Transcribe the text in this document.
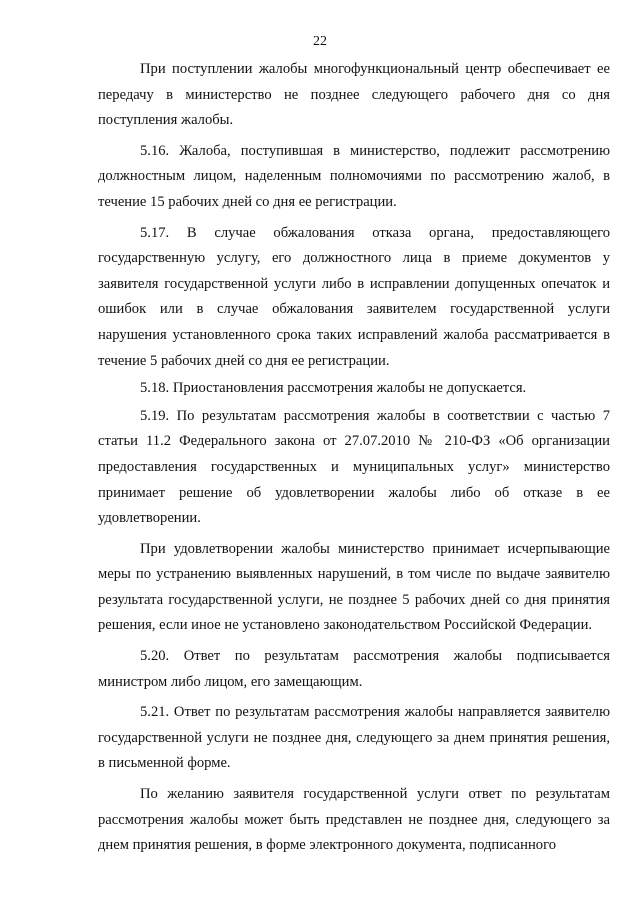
22

При поступлении жалобы многофункциональный центр обеспечивает ее передачу в министерство не позднее следующего рабочего дня со дня поступления жалобы.

5.16. Жалоба, поступившая в министерство, подлежит рассмотрению должностным лицом, наделенным полномочиями по рассмотрению жалоб, в течение 15 рабочих дней со дня ее регистрации.

5.17. В случае обжалования отказа органа, предоставляющего государственную услугу, его должностного лица в приеме документов у заявителя государственной услуги либо в исправлении допущенных опечаток и ошибок или в случае обжалования заявителем государственной услуги нарушения установленного срока таких исправлений жалоба рассматривается в течение 5 рабочих дней со дня ее регистрации.

5.18. Приостановления рассмотрения жалобы не допускается.

5.19. По результатам рассмотрения жалобы в соответствии с частью 7 статьи 11.2 Федерального закона от 27.07.2010 № 210-ФЗ «Об организации предоставления государственных и муниципальных услуг» министерство принимает решение об удовлетворении жалобы либо об отказе в ее удовлетворении.

При удовлетворении жалобы министерство принимает исчерпывающие меры по устранению выявленных нарушений, в том числе по выдаче заявителю результата государственной услуги, не позднее 5 рабочих дней со дня принятия решения, если иное не установлено законодательством Российской Федерации.

5.20. Ответ по результатам рассмотрения жалобы подписывается министром либо лицом, его замещающим.

5.21. Ответ по результатам рассмотрения жалобы направляется заявителю государственной услуги не позднее дня, следующего за днем принятия решения, в письменной форме.

По желанию заявителя государственной услуги ответ по результатам рассмотрения жалобы может быть представлен не позднее дня, следующего за днем принятия решения, в форме электронного документа, подписанного
